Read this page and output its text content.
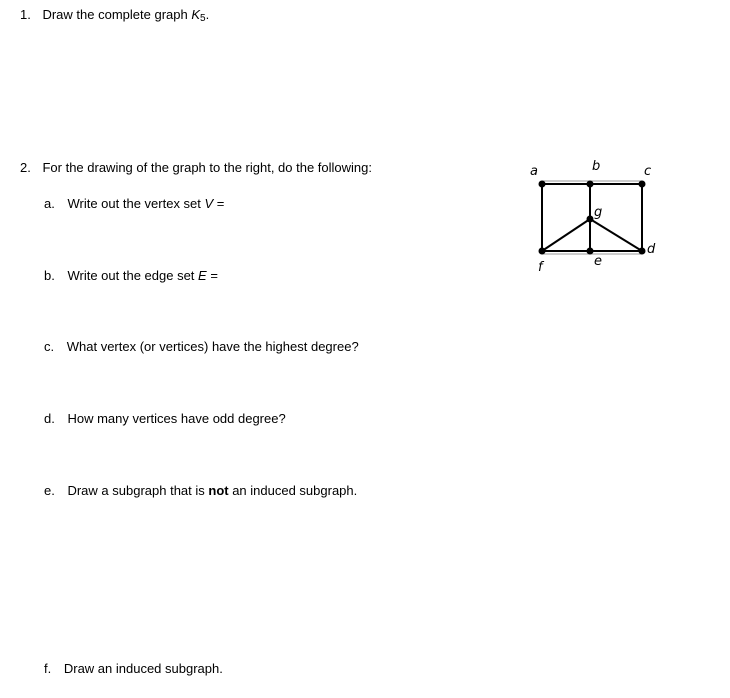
1. Draw the complete graph $K_5$.
2. For the drawing of the graph to the right, do the following:
a. Write out the vertex set V =
b. Write out the edge set E =
c. What vertex (or vertices) have the highest degree?
d. How many vertices have odd degree?
e. Draw a subgraph that is not an induced subgraph.
f. Draw an induced subgraph.
a	b	c
d
e
f
g
